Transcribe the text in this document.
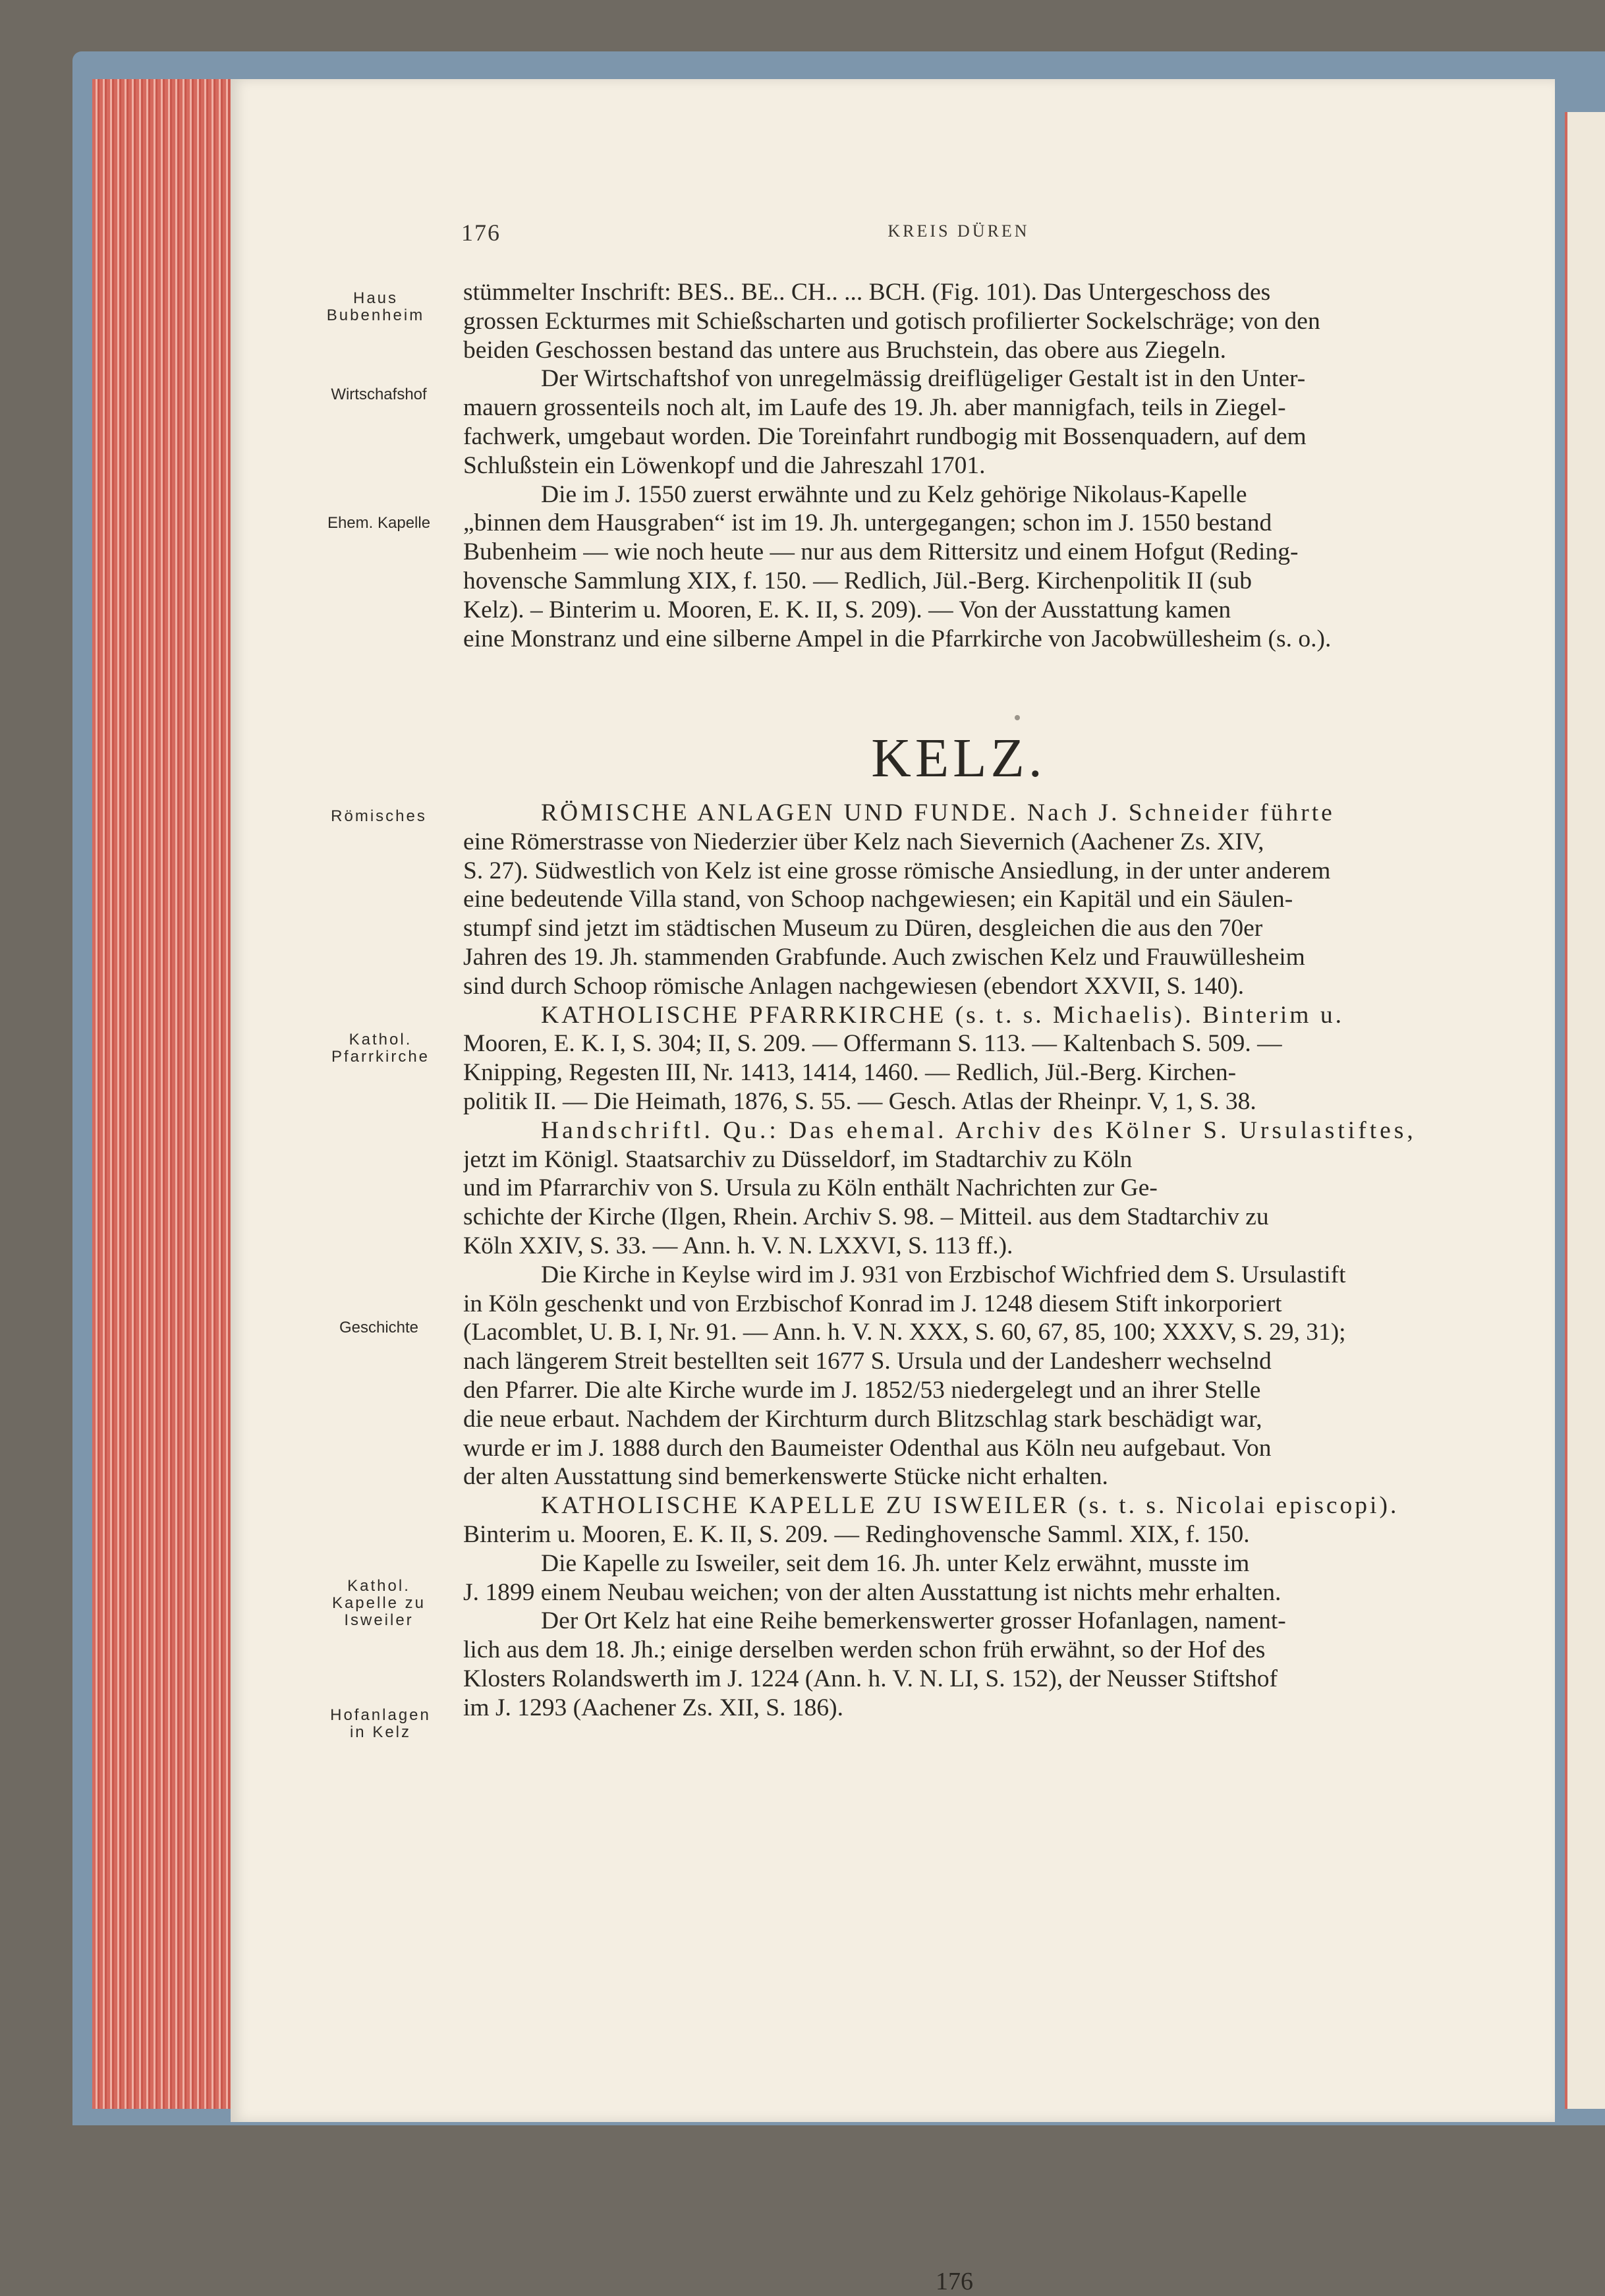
176	KREIS DÜREN
Haus
Bubenheim
Wirtschafshof
Ehem. Kapelle
Römisches
Kathol.
Pfarrkirche
Geschichte
Kathol.
Kapelle zu
Isweiler
Hofanlagen
in Kelz
stümmelter Inschrift: BES.. BE.. CH.. ... BCH. (Fig. 101). Das Untergeschoss des
grossen Eckturmes mit Schießscharten und gotisch profilierter Sockelschräge; von den
beiden Geschossen bestand das untere aus Bruchstein, das obere aus Ziegeln.
Der Wirtschaftshof von unregelmässig dreiflügeliger Gestalt ist in den Unter-
mauern grossenteils noch alt, im Laufe des 19. Jh. aber mannigfach, teils in Ziegel-
fachwerk, umgebaut worden. Die Toreinfahrt rundbogig mit Bossenquadern, auf dem
Schlußstein ein Löwenkopf und die Jahreszahl 1701.
Die im J. 1550 zuerst erwähnte und zu Kelz gehörige Nikolaus-Kapelle
„binnen dem Hausgraben“ ist im 19. Jh. untergegangen; schon im J. 1550 bestand
Bubenheim — wie noch heute — nur aus dem Rittersitz und einem Hofgut (Reding-
hovensche Sammlung XIX, f. 150. — Redlich, Jül.-Berg. Kirchenpolitik II (sub
Kelz). – Binterim u. Mooren, E. K. II, S. 209). — Von der Ausstattung kamen
eine Monstranz und eine silberne Ampel in die Pfarrkirche von Jacobwüllesheim (s. o.).
KELZ.
RÖMISCHE ANLAGEN UND FUNDE. Nach J. Schneider führte
eine Römerstrasse von Niederzier über Kelz nach Sievernich (Aachener Zs. XIV,
S. 27). Südwestlich von Kelz ist eine grosse römische Ansiedlung, in der unter anderem
eine bedeutende Villa stand, von Schoop nachgewiesen; ein Kapitäl und ein Säulen-
stumpf sind jetzt im städtischen Museum zu Düren, desgleichen die aus den 70er
Jahren des 19. Jh. stammenden Grabfunde. Auch zwischen Kelz und Frauwüllesheim
sind durch Schoop römische Anlagen nachgewiesen (ebendort XXVII, S. 140).
KATHOLISCHE PFARRKIRCHE (s. t. s. Michaelis). Binterim u.
Mooren, E. K. I, S. 304; II, S. 209. — Offermann S. 113. — Kaltenbach S. 509. —
Knipping, Regesten III, Nr. 1413, 1414, 1460. — Redlich, Jül.-Berg. Kirchen-
politik II. — Die Heimath, 1876, S. 55. — Gesch. Atlas der Rheinpr. V, 1, S. 38.
Handschriftl. Qu.: Das ehemal. Archiv des Kölner S. Ursulastiftes,
jetzt im Königl. Staatsarchiv zu Düsseldorf, im Stadtarchiv zu Köln
und im Pfarrarchiv von S. Ursula zu Köln enthält Nachrichten zur Ge-
schichte der Kirche (Ilgen, Rhein. Archiv S. 98. – Mitteil. aus dem Stadtarchiv zu
Köln XXIV, S. 33. — Ann. h. V. N. LXXVI, S. 113 ff.).
Die Kirche in Keylse wird im J. 931 von Erzbischof Wichfried dem S. Ursulastift
in Köln geschenkt und von Erzbischof Konrad im J. 1248 diesem Stift inkorporiert
(Lacomblet, U. B. I, Nr. 91. — Ann. h. V. N. XXX, S. 60, 67, 85, 100; XXXV, S. 29, 31);
nach längerem Streit bestellten seit 1677 S. Ursula und der Landesherr wechselnd
den Pfarrer. Die alte Kirche wurde im J. 1852/53 niedergelegt und an ihrer Stelle
die neue erbaut. Nachdem der Kirchturm durch Blitzschlag stark beschädigt war,
wurde er im J. 1888 durch den Baumeister Odenthal aus Köln neu aufgebaut. Von
der alten Ausstattung sind bemerkenswerte Stücke nicht erhalten.
KATHOLISCHE KAPELLE ZU ISWEILER (s. t. s. Nicolai episcopi).
Binterim u. Mooren, E. K. II, S. 209. — Redinghovensche Samml. XIX, f. 150.
Die Kapelle zu Isweiler, seit dem 16. Jh. unter Kelz erwähnt, musste im
J. 1899 einem Neubau weichen; von der alten Ausstattung ist nichts mehr erhalten.
Der Ort Kelz hat eine Reihe bemerkenswerter grosser Hofanlagen, nament-
lich aus dem 18. Jh.; einige derselben werden schon früh erwähnt, so der Hof des
Klosters Rolandswerth im J. 1224 (Ann. h. V. N. LI, S. 152), der Neusser Stiftshof
im J. 1293 (Aachener Zs. XII, S. 186).
176
